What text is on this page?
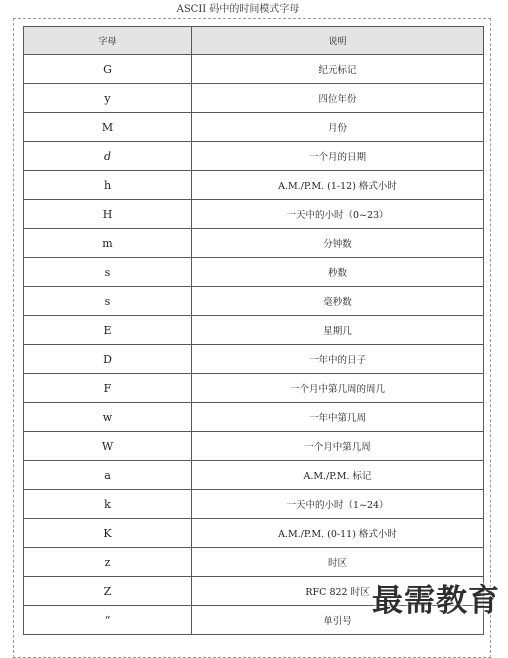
ASCII 码中的时间模式字母
字母	说明
G	纪元标记
y	四位年份
M	月份
d	一个月的日期
h	A.M./P.M. (1-12) 格式小时
H	一天中的小时（0~23）
m	分钟数
s	秒数
s	毫秒数
E	星期几
D	一年中的日子
F	一个月中第几周的周几
w	一年中第几周
W	一个月中第几周
a	A.M./P.M. 标记
k	一天中的小时（1~24）
K	A.M./P.M. (0-11) 格式小时
z	时区
Z	RFC 822 时区
“	单引号
最需教育
